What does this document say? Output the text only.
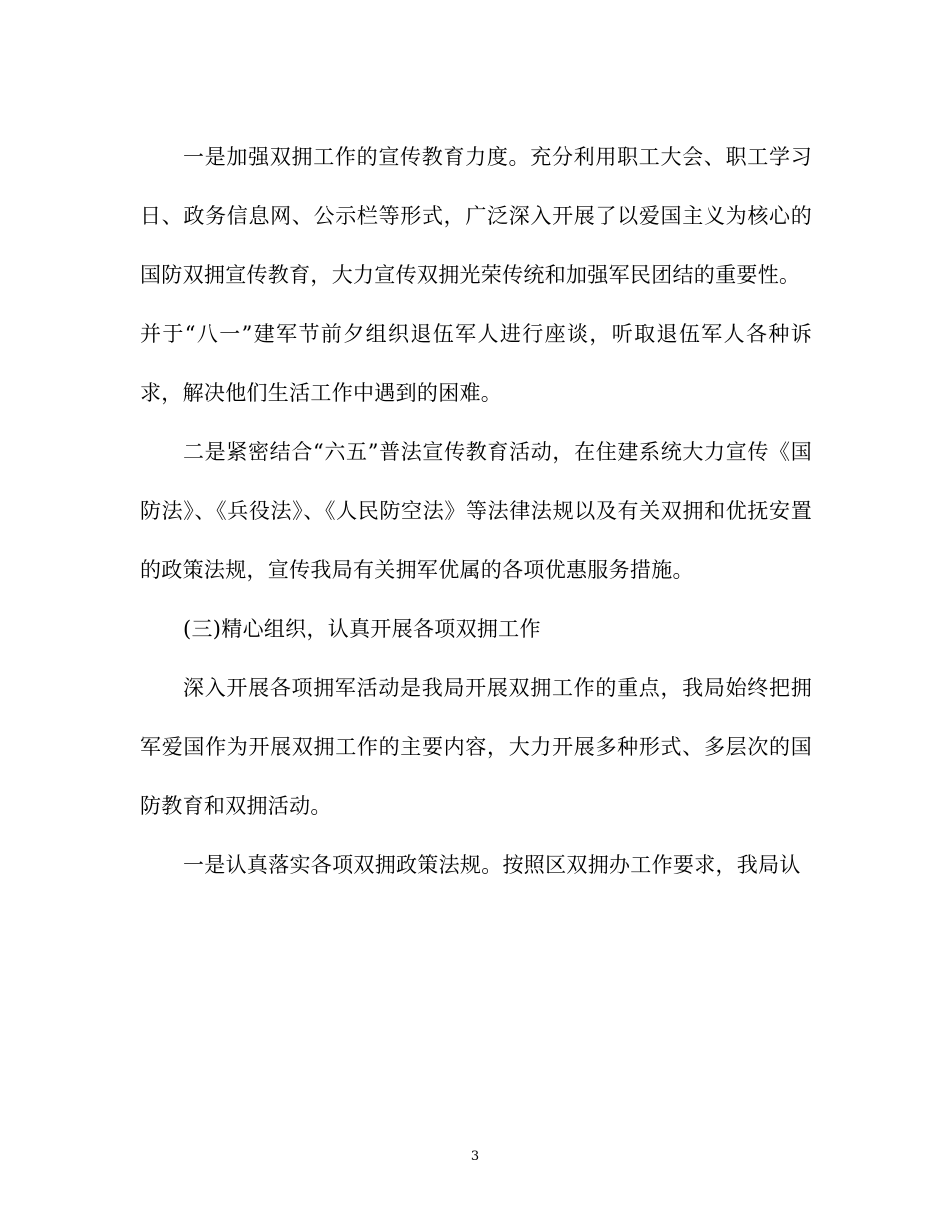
一是加强双拥工作的宣传教育力度。充分利用职工大会、职工学习日、政务信息网、公示栏等形式，广泛深入开展了以爱国主义为核心的国防双拥宣传教育，大力宣传双拥光荣传统和加强军民团结的重要性。

并于“八一”建军节前夕组织退伍军人进行座谈，听取退伍军人各种诉求，解决他们生活工作中遇到的困难。

二是紧密结合“六五”普法宣传教育活动，在住建系统大力宣传《国防法》、《兵役法》、《人民防空法》等法律法规以及有关双拥和优抚安置的政策法规，宣传我局有关拥军优属的各项优惠服务措施。

(三)精心组织，认真开展各项双拥工作

深入开展各项拥军活动是我局开展双拥工作的重点，我局始终把拥军爱国作为开展双拥工作的主要内容，大力开展多种形式、多层次的国防教育和双拥活动。

一是认真落实各项双拥政策法规。按照区双拥办工作要求，我局认

3
